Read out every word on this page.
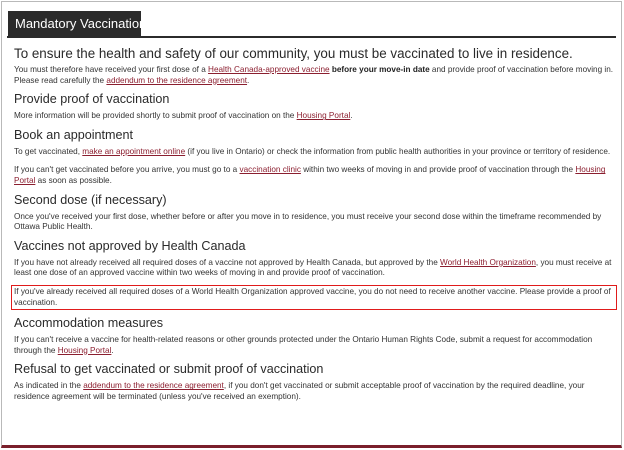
Mandatory Vaccination
To ensure the health and safety of our community, you must be vaccinated to live in residence.
You must therefore have received your first dose of a Health Canada-approved vaccine before your move-in date and provide proof of vaccination before moving in.
Please read carefully the addendum to the residence agreement.
Provide proof of vaccination
More information will be provided shortly to submit proof of vaccination on the Housing Portal.
Book an appointment
To get vaccinated, make an appointment online (if you live in Ontario) or check the information from public health authorities in your province or territory of residence.
If you can't get vaccinated before you arrive, you must go to a vaccination clinic within two weeks of moving in and provide proof of vaccination through the Housing Portal as soon as possible.
Second dose (if necessary)
Once you've received your first dose, whether before or after you move in to residence, you must receive your second dose within the timeframe recommended by Ottawa Public Health.
Vaccines not approved by Health Canada
If you have not already received all required doses of a vaccine not approved by Health Canada, but approved by the World Health Organization, you must receive at least one dose of an approved vaccine within two weeks of moving in and provide proof of vaccination.
If you've already received all required doses of a World Health Organization approved vaccine, you do not need to receive another vaccine. Please provide a proof of vaccination.
Accommodation measures
If you can't receive a vaccine for health-related reasons or other grounds protected under the Ontario Human Rights Code, submit a request for accommodation through the Housing Portal.
Refusal to get vaccinated or submit proof of vaccination
As indicated in the addendum to the residence agreement, if you don't get vaccinated or submit acceptable proof of vaccination by the required deadline, your residence agreement will be terminated (unless you've received an exemption).
